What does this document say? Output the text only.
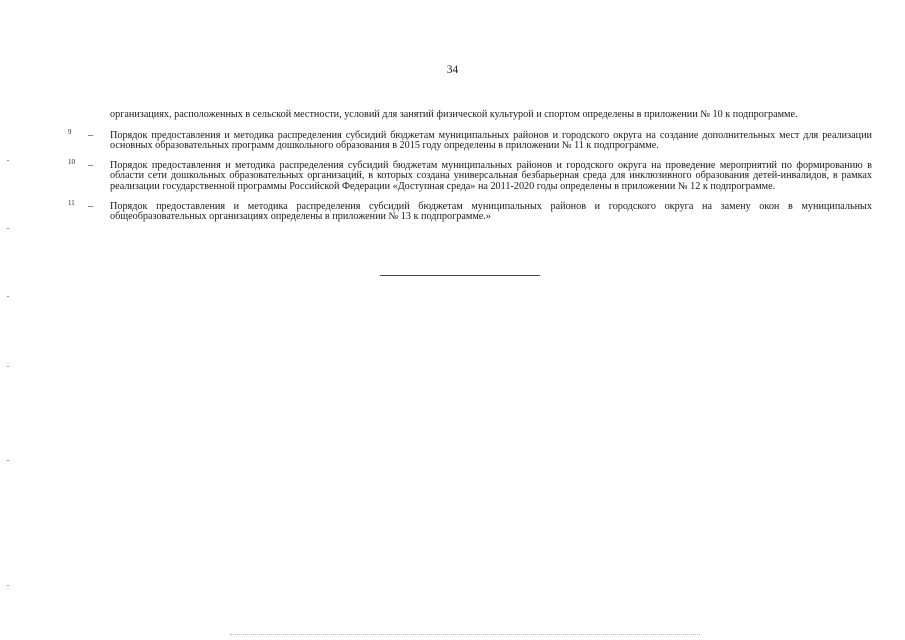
34

организациях, расположенных в сельской местности, условий для занятий физической культурой и спортом определены в приложении № 10 к подпрограмме.

9 – Порядок предоставления и методика распределения субсидий бюджетам муниципальных районов и городского округа на создание дополнительных мест для реализации основных образовательных программ дошкольного образования в 2015 году определены в приложении № 11 к подпрограмме.

10 – Порядок предоставления и методика распределения субсидий бюджетам муниципальных районов и городского округа на проведение мероприятий по формированию в области сети дошкольных образовательных организаций, в которых создана универсальная безбарьерная среда для инклюзивного образования детей-инвалидов, в рамках реализации государственной программы Российской Федерации «Доступная среда» на 2011-2020 годы определены в приложении № 12 к подпрограмме.

11 – Порядок предоставления и методика распределения субсидий бюджетам муниципальных районов и городского округа на замену окон в муниципальных общеобразовательных организациях определены в приложении № 13 к подпрограмме.»
